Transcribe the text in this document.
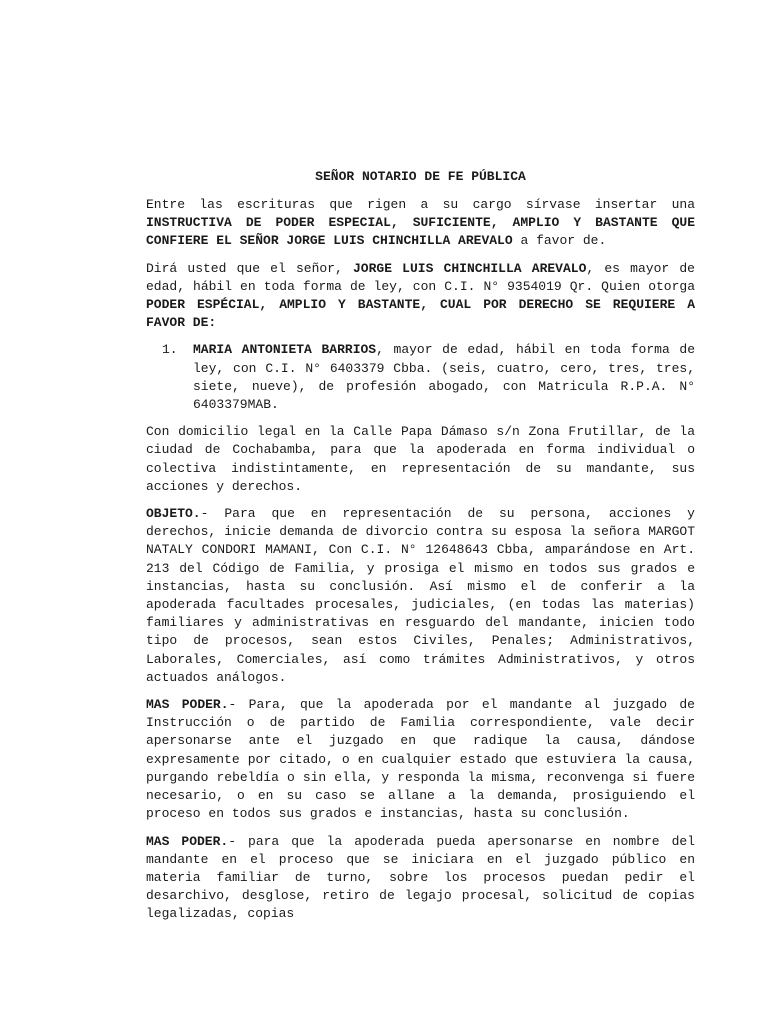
SEÑOR NOTARIO DE FE PÚBLICA

Entre las escrituras que rigen a su cargo sírvase insertar una INSTRUCTIVA DE PODER ESPECIAL, SUFICIENTE, AMPLIO Y BASTANTE QUE CONFIERE EL SEÑOR JORGE LUIS CHINCHILLA AREVALO a favor de.

Dirá usted que el señor, JORGE LUIS CHINCHILLA AREVALO, es mayor de edad, hábil en toda forma de ley, con C.I. N° 9354019 Qr. Quien otorga PODER ESPÉCIAL, AMPLIO Y BASTANTE, CUAL POR DERECHO SE REQUIERE A FAVOR DE:

1. MARIA ANTONIETA BARRIOS, mayor de edad, hábil en toda forma de ley, con C.I. N° 6403379 Cbba. (seis, cuatro, cero, tres, tres, siete, nueve), de profesión abogado, con Matricula R.P.A. N° 6403379MAB.

Con domicilio legal en la Calle Papa Dámaso s/n Zona Frutillar, de la ciudad de Cochabamba, para que la apoderada en forma individual o colectiva indistintamente, en representación de su mandante, sus acciones y derechos.

OBJETO.- Para que en representación de su persona, acciones y derechos, inicie demanda de divorcio contra su esposa la señora MARGOT NATALY CONDORI MAMANI, Con C.I. N° 12648643 Cbba, amparándose en Art. 213 del Código de Familia, y prosiga el mismo en todos sus grados e instancias, hasta su conclusión. Así mismo el de conferir a la apoderada facultades procesales, judiciales, (en todas las materias) familiares y administrativas en resguardo del mandante, inicien todo tipo de procesos, sean estos Civiles, Penales; Administrativos, Laborales, Comerciales, así como trámites Administrativos, y otros actuados análogos.

MAS PODER.- Para, que la apoderada por el mandante al juzgado de Instrucción o de partido de Familia correspondiente, vale decir apersonarse ante el juzgado en que radique la causa, dándose expresamente por citado, o en cualquier estado que estuviera la causa, purgando rebeldía o sin ella, y responda la misma, reconvenga si fuere necesario, o en su caso se allane a la demanda, prosiguiendo el proceso en todos sus grados e instancias, hasta su conclusión.

MAS PODER.- para que la apoderada pueda apersonarse en nombre del mandante en el proceso que se iniciara en el juzgado público en materia familiar de turno, sobre los procesos puedan pedir el desarchivo, desglose, retiro de legajo procesal, solicitud de copias legalizadas, copias
